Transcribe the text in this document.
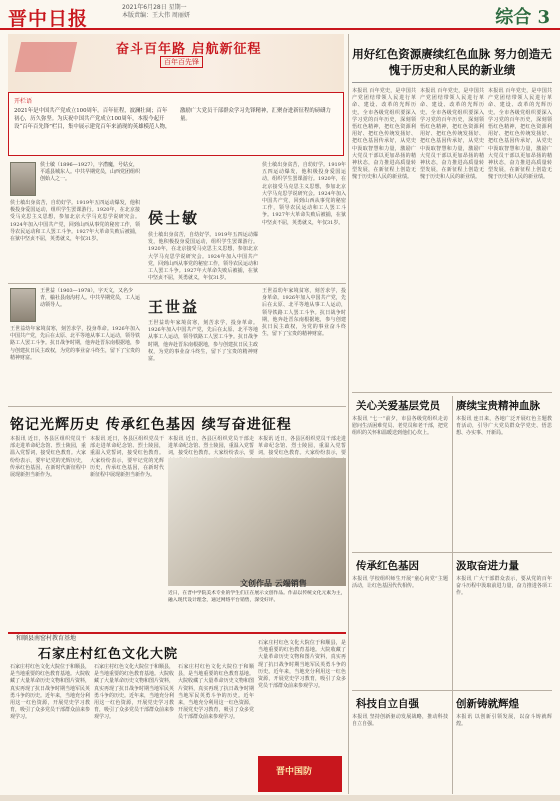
晋中日报
2021年6月28日 星期一
本版责编：王大伟 周丽妍	综合 3
奋斗百年路 启航新征程
百年百先锋
开栏语
2021年是中国共产党成立100周年。百年征程，波澜壮阔；百年初心，历久弥坚。为庆祝中国共产党成立100周年，本报今起开设“百年百先锋”栏目，集中展示建党百年来涌现的英雄模范人物，激励广大党员干部群众学习先锋精神，汇聚奋进新征程的磅礴力量。
侯士敏（1896—1927），字潜魔，号姑女，平遥县城东人。中共早期党员，山西党团组织创始人之一。
侯士敏
侯士敏出身贫苦，自幼好学。1919年五四运动爆发，他积极投身爱国运动，组织学生罢课游行。1920年，在北京接受马克思主义思想，参加北京大学马克思学说研究会。1924年加入中国共产党，回到山西从事党的秘密工作，领导农民运动和工人罢工斗争。1927年大革命失败后被捕，在狱中坚贞不屈，英勇就义，年仅31岁。
侯士敏出身贫苦，自幼好学。1919年五四运动爆发，他积极投身爱国运动，组织学生罢课游行。1920年，在北京接受马克思主义思想，参加北京大学马克思学说研究会。1924年加入中国共产党，回到山西从事党的秘密工作，领导农民运动和工人罢工斗争。1927年大革命失败后被捕，在狱中坚贞不屈，英勇就义，年仅31岁。
侯士敏出身贫苦，自幼好学。1919年五四运动爆发，他积极投身爱国运动，组织学生罢课游行。1920年，在北京接受马克思主义思想，参加北京大学马克思学说研究会。1924年加入中国共产党，回到山西从事党的秘密工作，领导农民运动和工人罢工斗争。1927年大革命失败后被捕，在狱中坚贞不屈，英勇就义，年仅31岁。
王世益（1903—1978），字天文，又名少青，榆社县南沟村人。中共早期党员，工人运动领导人。	王世益
王世益幼年家境贫寒，刻苦求学，投身革命。1926年加入中国共产党，先后在太原、北平等地从事工人运动，领导铁路工人罢工斗争。抗日战争时期，他奔赴晋东南根据地，参与创建抗日民主政权，为党的事业奋斗终生，留下了宝贵的精神财富。
王世益幼年家境贫寒，刻苦求学，投身革命。1926年加入中国共产党，先后在太原、北平等地从事工人运动，领导铁路工人罢工斗争。抗日战争时期，他奔赴晋东南根据地，参与创建抗日民主政权，为党的事业奋斗终生，留下了宝贵的精神财富。
王世益幼年家境贫寒，刻苦求学，投身革命。1926年加入中国共产党，先后在太原、北平等地从事工人运动，领导铁路工人罢工斗争。抗日战争时期，他奔赴晋东南根据地，参与创建抗日民主政权，为党的事业奋斗终生，留下了宝贵的精神财富。
铭记光辉历史 传承红色基因 续写奋进征程
本报讯 近日，各县区组织党员干部走进革命纪念馆、烈士陵园，重温入党誓词，接受红色教育。大家纷纷表示，要牢记党的光辉历史，传承红色基因，在新时代新征程中展现新担当新作为。
本报讯 近日，各县区组织党员干部走进革命纪念馆、烈士陵园，重温入党誓词，接受红色教育。大家纷纷表示，要牢记党的光辉历史，传承红色基因，在新时代新征程中展现新担当新作为。
本报讯 近日，各县区组织党员干部走进革命纪念馆、烈士陵园，重温入党誓词，接受红色教育。大家纷纷表示，要
本报讯 近日，各县区组织党员干部走进革命纪念馆、烈士陵园，重温入党誓词，接受红色教育。大家纷纷表示，要
文创作品 云端销售
近日，在晋中学院美术专业的学生们正在展示文创作品。作品以传统文化元素为主，融入现代设计理念，通过网络平台销售，深受好评。
和顺县南窑村教育基地
石家庄村红色文化大院
石家庄村红色文化大院位于和顺县，是当地重要的红色教育基地。大院收藏了大量革命历史文物和图片资料，真实再现了抗日战争时期当地军民英勇斗争的历史。近年来，当地充分利用这一红色资源，开展党史学习教育，吸引了众多党员干部群众前来参观学习。
石家庄村红色文化大院位于和顺县，是当地重要的红色教育基地。大院收藏了大量革命历史文物和图片资料，真实再现了抗日战争时期当地军民英勇斗争的历史。近年来，当地充分利用这一红色资源，开展党史学习教育，吸引了众多党员干部群众前来参观学习。
石家庄村红色文化大院位于和顺县，是当地重要的红色教育基地。大院收藏了大量革命历史文物和图片资料，真实再现了抗日战争时期当地军民英勇斗争的历史。近年来，当地充分利用这一红色资源，开展党史学习教育，吸引了众多党员干部群众前来参观学习。
石家庄村红色文化大院位于和顺县，是当地重要的红色教育基地。大院收藏了大量革命历史文物和图片资料，真实再现了抗日战争时期当地军民英勇斗争的历史。近年来，当地充分利用这一红色资源，开展党史学习教育，吸引了众多党员干部群众前来参观学习。
晋中国防
用好红色资源赓续红色血脉 努力创造无愧于历史和人民的新业绩
本报讯 百年党史，是中国共产党团结带领人民进行革命、建设、改革的光辉历史。全市各级党组织要深入学习党的百年历史，深刻领悟红色精神，把红色资源利用好、把红色传统发扬好、把红色基因传承好，从党史中汲取智慧和力量，激励广大党员干部以更加昂扬的精神状态，奋力推进高质量转型发展，在新征程上创造无愧于历史和人民的新业绩。
本报讯 百年党史，是中国共产党团结带领人民进行革命、建设、改革的光辉历史。全市各级党组织要深入学习党的百年历史，深刻领悟红色精神，把红色资源利用好、把红色传统发扬好、把红色基因传承好，从党史中汲取智慧和力量，激励广大党员干部以更加昂扬的精神状态，奋力推进高质量转型发展，在新征程上创造无愧于历史和人民的新业绩。
本报讯 百年党史，是中国共产党团结带领人民进行革命、建设、改革的光辉历史。全市各级党组织要深入学习党的百年历史，深刻领悟红色精神，把红色资源利用好、把红色传统发扬好、把红色基因传承好，从党史中汲取智慧和力量，激励广大党员干部以更加昂扬的精神状态，奋力推进高质量转型发展，在新征程上创造无愧于历史和人民的新业绩。
关心关爱基层党员 赓续宝贵精神血脉
本报讯 “七一”前夕，市县各级党组织走访慰问生活困难党员、老党员和老干部，把党组织的关怀和温暖送到他们心坎上。
本报讯 连日来，各地广泛开展红色主题教育活动，引导广大党员群众学党史、悟思想、办实事、开新局。
传承红色基因	汲取奋进力量
本报讯 学校组织师生开展“童心向党”主题活动，让红色基因代代相传。
本报讯 广大干部群众表示，要从党的百年奋斗历程中汲取前进力量，奋力推进各项工作。
科技自立自强	创新铸就辉煌
本报讯 坚持创新驱动发展战略，推动科技自立自强。
本报讯 以创新引领发展，以奋斗铸就辉煌。
